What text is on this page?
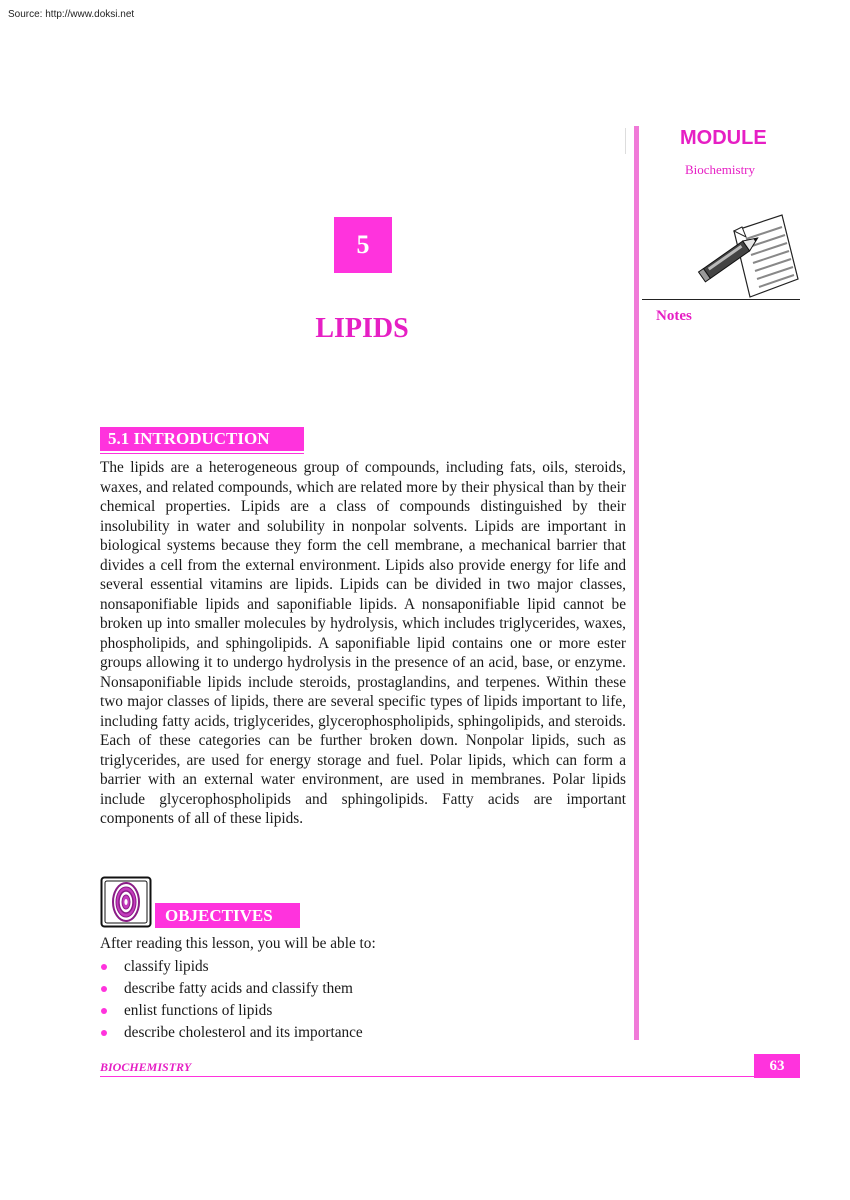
Source: http://www.doksi.net
MODULE
Biochemistry
Notes
5
LIPIDS
5.1 INTRODUCTION

The lipids are a heterogeneous group of compounds, including fats, oils, steroids, waxes, and related compounds, which are related more by their physical than by their chemical properties. Lipids are a class of compounds distinguished by their insolubility in water and solubility in nonpolar solvents. Lipids are important in biological systems because they form the cell membrane, a mechanical barrier that divides a cell from the external environment. Lipids also provide energy for life and several essential vitamins are lipids. Lipids can be divided in two major classes, nonsaponifiable lipids and saponifiable lipids. A nonsaponifiable lipid cannot be broken up into smaller molecules by hydrolysis, which includes triglycerides, waxes, phospholipids, and sphingolipids. A saponifiable lipid contains one or more ester groups allowing it to undergo hydrolysis in the presence of an acid, base, or enzyme. Nonsaponifiable lipids include steroids, prostaglandins, and terpenes. Within these two major classes of lipids, there are several specific types of lipids important to life, including fatty acids, triglycerides, glycerophospholipids, sphingolipids, and steroids. Each of these categories can be further broken down. Nonpolar lipids, such as triglycerides, are used for energy storage and fuel. Polar lipids, which can form a barrier with an external water environment, are used in membranes. Polar lipids include glycerophospholipids and sphingolipids. Fatty acids are important components of all of these lipids.

OBJECTIVES
After reading this lesson, you will be able to:
classify lipids
describe fatty acids and classify them
enlist functions of lipids
describe cholesterol and its importance
BIOCHEMISTRY	63
